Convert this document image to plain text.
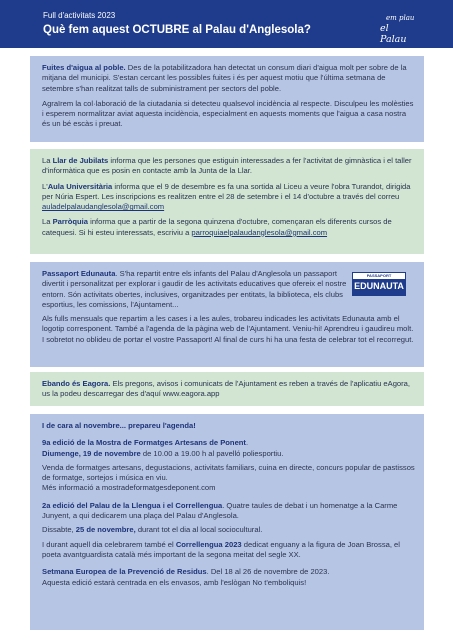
Full d'activitats 2023
Què fem aquest OCTUBRE al Palau d'Anglesola?
em plau
el Palau

Fuites d'aigua al poble. Des de la potabilitzadora han detectat un consum diari d'aigua molt per sobre de la mitjana del municipi. S'estan cercant les possibles fuites i és per aquest motiu que l'última setmana de setembre s'han realitzat talls de subministrament per sectors del poble.

Agraïrem la col·laboració de la ciutadania si detecteu qualsevol incidència al respecte. Disculpeu les molèsties i esperem normalitzar aviat aquesta incidència, especialment en aquests moments que l'aigua a casa nostra és un bé escàs i preuat.

La Llar de Jubilats informa que les persones que estiguin interessades a fer l'activitat de gimnàstica i el taller d'informàtica que es posin en contacte amb la Junta de la Llar.

L'Aula Universitària informa que el 9 de desembre es fa una sortida al Liceu a veure l'obra Turandot, dirigida per Núria Espert. Les inscripcions es realitzen entre el 28 de setembre i el 14 d'octubre a través del correu auladelpalaudanglesola@gmail.com

La Parròquia informa que a partir de la segona quinzena d'octubre, començaran els diferents cursos de catequesi. Si hi esteu interessats, escriviu a parroquiaelpalaudanglesola@gmail.com

Passaport Edunauta. S'ha repartit entre els infants del Palau d'Anglesola un passaport divertit i personalitzat per explorar i gaudir de les activitats educatives que ofereix el nostre entorn. Són activitats obertes, inclusives, organitzades per entitats, la biblioteca, els clubs esportius, les comissions, l'Ajuntament...

Als fulls mensuals que repartim a les cases i a les aules, trobareu indicades les activitats Edunauta amb el logotip corresponent. També a l'agenda de la pàgina web de l'Ajuntament. Veniu-hi! Aprendreu i gaudireu molt. I sobretot no oblideu de portar el vostre Passaport! Al final de curs hi ha una festa de celebrar tot el recorregut.

PASSAPORT
EDUNAUTA

Ebando és Eagora. Els pregons, avisos i comunicats de l'Ajuntament es reben a través de l'aplicatiu eAgora, us la podeu descarregar des d'aquí www.eagora.app

I de cara al novembre... prepareu l'agenda!

9a edició de la Mostra de Formatges Artesans de Ponent.

Diumenge, 19 de novembre de 10.00 a 19.00 h al pavelló poliesportiu.

Venda de formatges artesans, degustacions, activitats familiars, cuina en directe, concurs popular de pastissos de formatge, sortejos i música en viu.

Més informació a mostradeformatgesdeponent.com

2a edició del Palau de la Llengua i el Correllengua. Quatre taules de debat i un homenatge a la Carme Junyent, a qui dedicarem una plaça del Palau d'Anglesola.

Dissabte, 25 de novembre, durant tot el dia al local sociocultural.

I durant aquell dia celebrarem també el Correllengua 2023 dedicat enguany a la figura de Joan Brossa, el poeta avantguardista català més important de la segona meitat del segle XX.

Setmana Europea de la Prevenció de Residus. Del 18 al 26 de novembre de 2023.

Aquesta edició estarà centrada en els envasos, amb l'eslògan No t'emboliquis!
